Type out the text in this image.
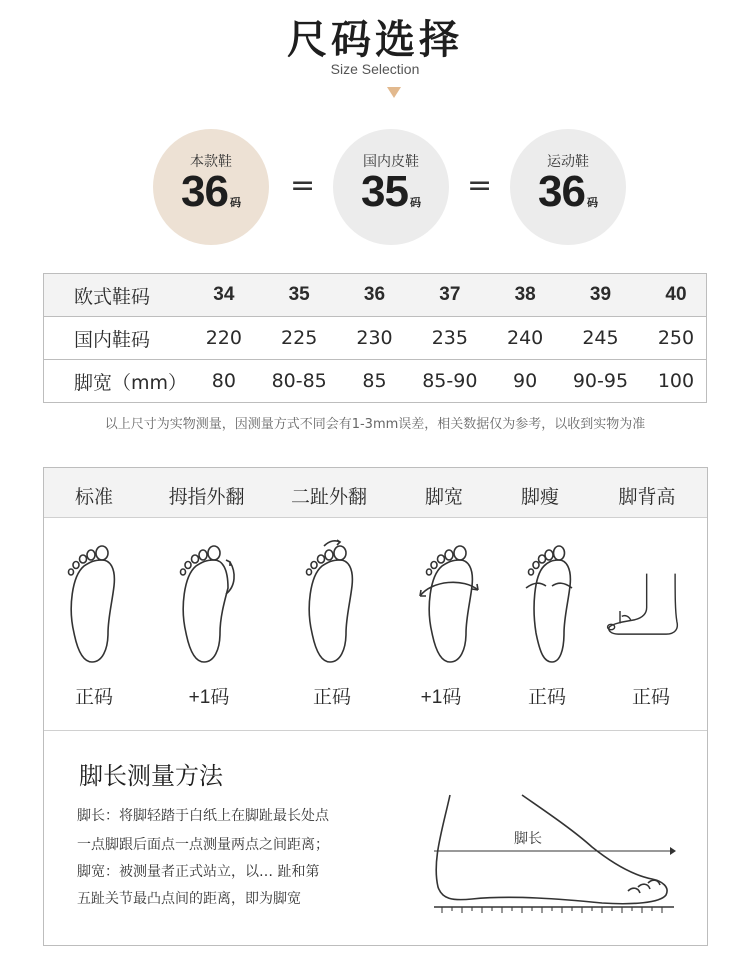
尺码选择
Size Selection
本款鞋
36 码	=
国内皮鞋
35 码	=
运动鞋
36 码
欧式鞋码	34	35	36	37	38	39	40
国内鞋码	220	225	230	235	240	245	250
脚宽（mm）	80	80-85	85	85-90	90	90-95	100
以上尺寸为实物测量，因测量方式不同会有1-3mm误差，相关数据仅为参考，以收到实物为准
标准	拇指外翻	二趾外翻	脚宽	脚瘦	脚背高
正码	+1码	正码	+1码	正码	正码
脚长测量方法
脚长：将脚轻踏于白纸上在脚趾最长处点
一点脚跟后面点一点测量两点之间距离；
脚宽：被测量者正式站立，以… 趾和第
五趾关节最凸点间的距离，即为脚宽
脚长
